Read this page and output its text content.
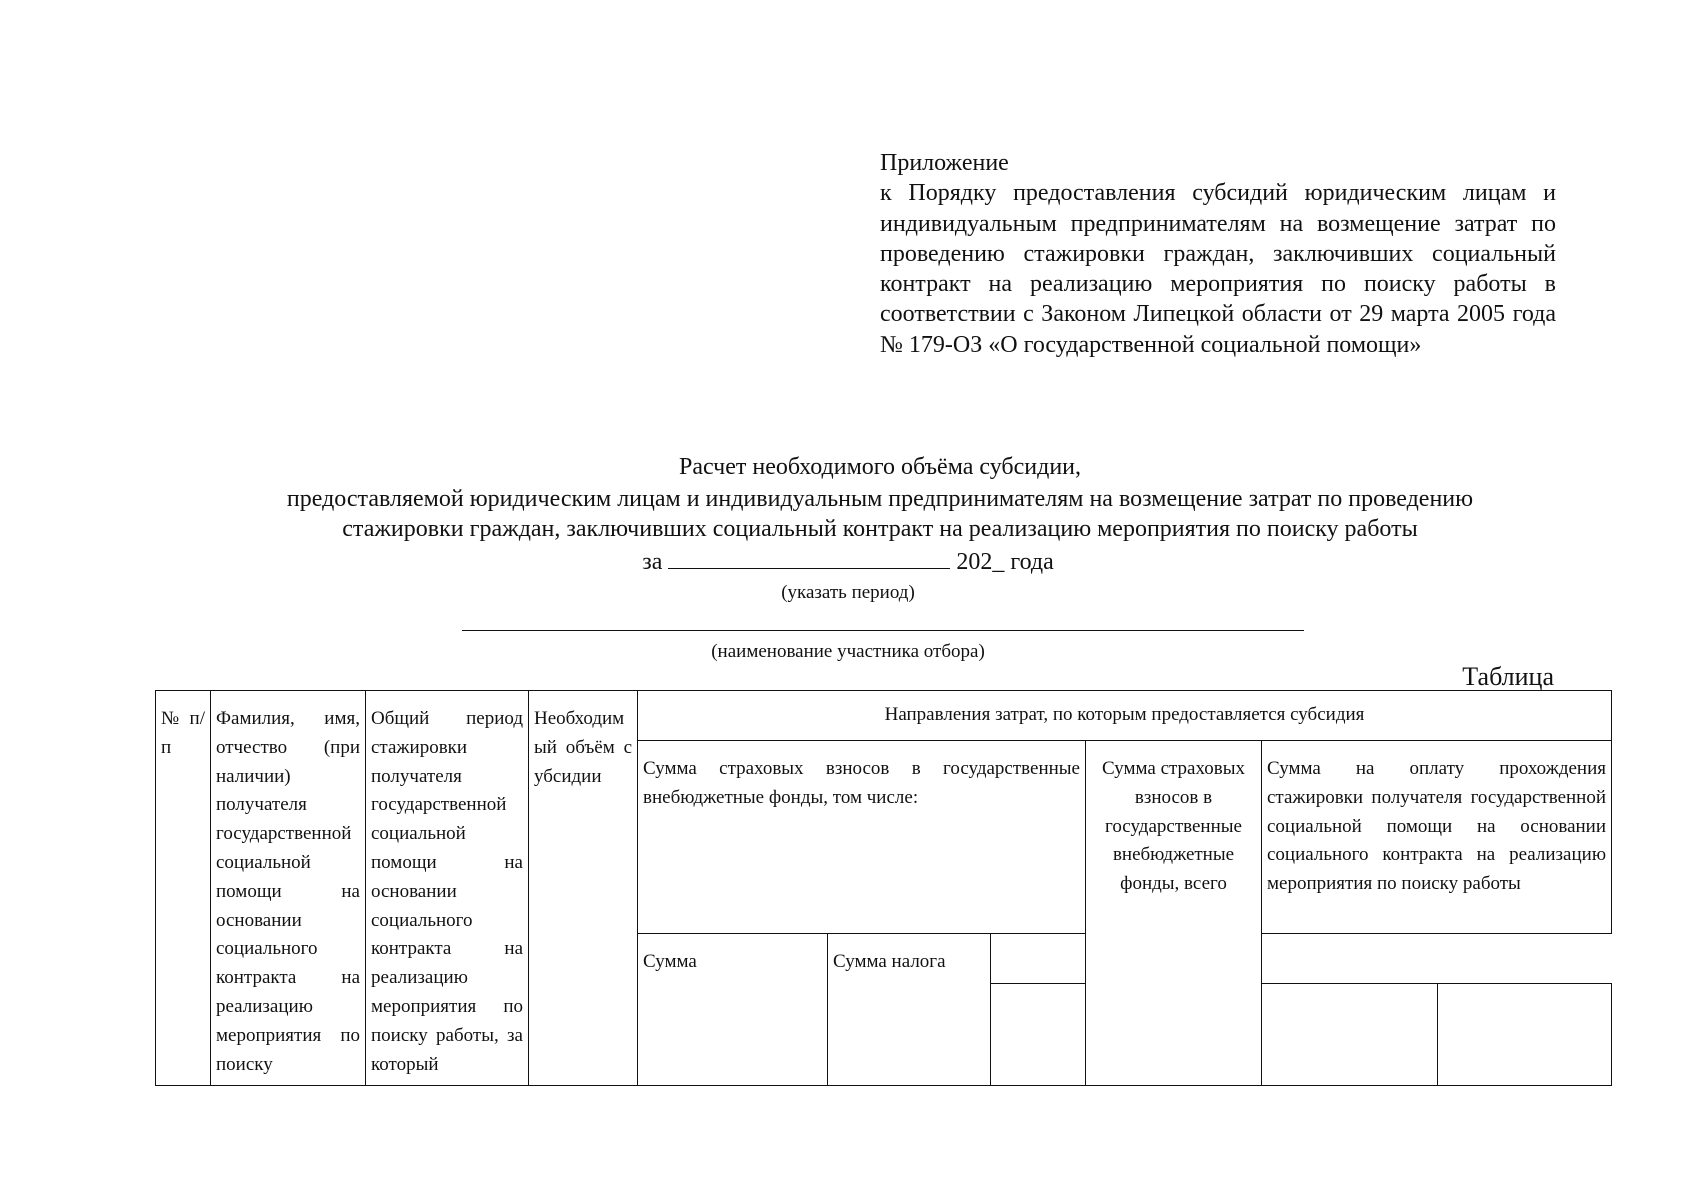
Приложение

к Порядку предоставления субсидий юридическим лицам и индивидуальным предпринимателям на возмещение затрат по проведению стажировки граждан, заключивших социальный контракт на реализацию мероприятия по поиску работы в соответствии с Законом Липецкой области от 29 марта 2005 года № 179-ОЗ «О государственной социальной помощи»

Расчет необходимого объёма субсидии,

предоставляемой юридическим лицам и индивидуальным предпринимателям на возмещение затрат по проведению

стажировки граждан, заключивших социальный контракт на реализацию мероприятия по поиску работы

за	202_ года

(указать период)

(наименование участника отбора)

Таблица

№ п/п	Фамилия, имя, отчество (при наличии) получателя государственной социальной помощи на основании социального контракта на реализацию мероприятия по поиску	Общий период стажировки получателя государственной социальной помощи на основании социального контракта на реализацию мероприятия по поиску работы, за который	Необходимый объём субсидии	Направления затрат, по которым предоставляется субсидия					
				Сумма страховых взносов в государственные внебюджетные фонды, том числе:			Сумма страховых взносов в государственные внебюджетные фонды, всего	Сумма на оплату прохождения стажировки получателя государственной социальной помощи на основании социального контракта на реализацию мероприятия по поиску работы	
				Сумма	Сумма налога				
